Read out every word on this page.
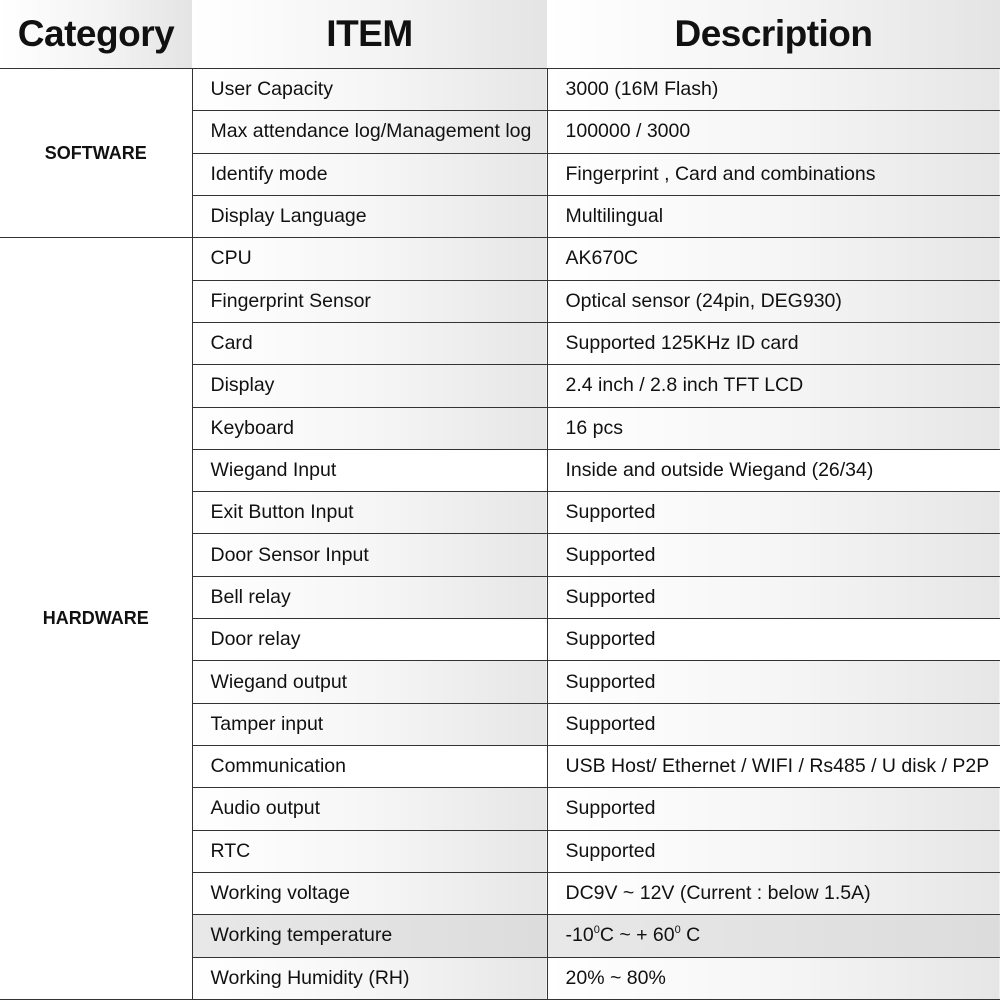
Category	ITEM	Description
SOFTWARE	User Capacity	3000 (16M Flash)
	Max attendance log/Management log	100000 / 3000
	Identify mode	Fingerprint , Card and combinations
	Display Language	Multilingual
HARDWARE	CPU	AK670C
	Fingerprint Sensor	Optical sensor (24pin, DEG930)
	Card	Supported 125KHz ID card
	Display	2.4 inch / 2.8 inch TFT LCD
	Keyboard	16 pcs
	Wiegand Input	Inside and outside Wiegand (26/34)
	Exit Button Input	Supported
	Door Sensor Input	Supported
	Bell relay	Supported
	Door relay	Supported
	Wiegand output	Supported
	Tamper input	Supported
	Communication	USB Host/ Ethernet / WIFI / Rs485 / U disk / P2P
	Audio output	Supported
	RTC	Supported
	Working voltage	DC9V ~ 12V (Current : below 1.5A)
	Working temperature	$-10^0C$ ~ + $60^0$ C
	Working Humidity (RH)	20% ~ 80%
